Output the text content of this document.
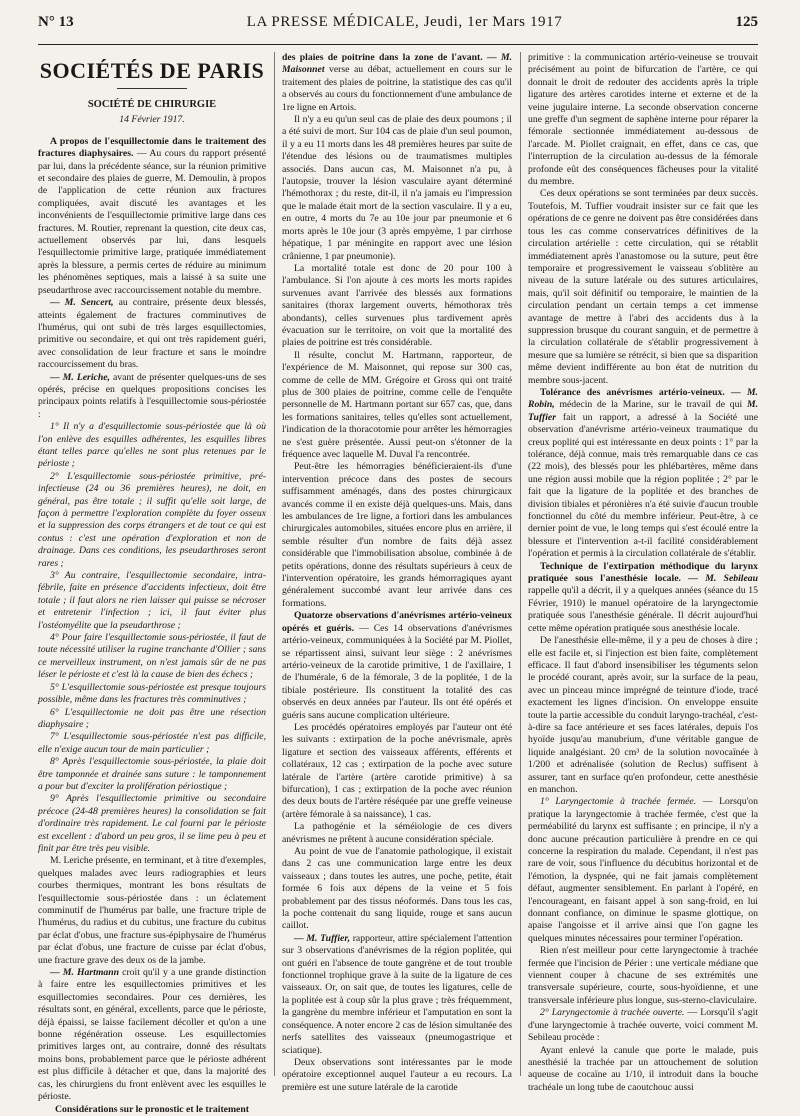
N° 13	LA PRESSE MÉDICALE, Jeudi, 1er Mars 1917	125
SOCIÉTÉS DE PARIS
SOCIÉTÉ DE CHIRURGIE
14 Février 1917.

A propos de l'esquillectomie dans le traitement des fractures diaphysaires. — Au cours du rapport présenté par lui, dans la précédente séance, sur la réunion primitive et secondaire des plaies de guerre, M. Demoulin, à propos de l'application de cette réunion aux fractures compliquées, avait discuté les avantages et les inconvénients de l'esquillectomie primitive large dans ces fractures. M. Routier, reprenant la question, cite deux cas, actuellement observés par lui, dans lesquels l'esquillectomie primitive large, pratiquée immédiatement après la blessure, a permis certes de réduire au minimum les phénomènes septiques, mais a laissé à sa suite une pseudarthrose avec raccourcissement notable du membre.

— M. Sencert, au contraire, présente deux blessés, atteints également de fractures comminutives de l'humérus, qui ont subi de très larges esquillectomies, primitive ou secondaire, et qui ont très rapidement guéri, avec consolidation de leur fracture et sans le moindre raccourcissement du bras.

— M. Leriche, avant de présenter quelques-uns de ses opérés, précise en quelques propositions concises les principaux points relatifs à l'esquillectomie sous-périostée :

1° Il n'y a d'esquillectomie sous-périostée que là où l'on enlève des esquilles adhérentes, les esquilles libres étant telles parce qu'elles ne sont plus retenues par le périoste ;

2° L'esquillectomie sous-périostée primitive, pré-infectieuse (24 ou 36 premières heures), ne doit, en général, pas être totale ; il suffit qu'elle soit large, de façon à permettre l'exploration complète du foyer osseux et la suppression des corps étrangers et de tout ce qui est contus : c'est une opération d'exploration et non de drainage. Dans ces conditions, les pseudarthroses seront rares ;

3° Au contraire, l'esquillectomie secondaire, intra-fébrile, faite en présence d'accidents infectieux, doit être totale ; il faut alors ne rien laisser qui puisse se nécroser et entretenir l'infection ; ici, il faut éviter plus l'ostéomyélite que la pseudarthrose ;

4° Pour faire l'esquillectomie sous-périostée, il faut de toute nécessité utiliser la rugine tranchante d'Ollier ; sans ce merveilleux instrument, on n'est jamais sûr de ne pas léser le périoste et c'est là la cause de bien des échecs ;

5° L'esquillectomie sous-périostée est presque toujours possible, même dans les fractures très comminutives ;

6° L'esquillectomie ne doit pas être une résection diaphysaire ;

7° L'esquillectomie sous-périostée n'est pas difficile, elle n'exige aucun tour de main particulier ;

8° Après l'esquillectomie sous-périostée, la plaie doit être tamponnée et drainée sans suture : le tamponnement a pour but d'exciter la prolifération périostique ;

9° Après l'esquillectomie primitive ou secondaire précoce (24-48 premières heures) la consolidation se fait d'ordinaire très rapidement. Le cal fourni par le périoste est excellent : d'abord un peu gros, il se lime peu à peu et finit par être très peu visible.

M. Leriche présente, en terminant, et à titre d'exemples, quelques malades avec leurs radiographies et leurs courbes thermiques, montrant les bons résultats de l'esquillectomie sous-périostée dans : un éclatement comminutif de l'humérus par balle, une fracture triple de l'humérus, du radius et du cubitus, une fracture du cubitus par éclat d'obus, une fracture sus-épiphysaire de l'humérus par éclat d'obus, une fracture de cuisse par éclat d'obus, une fracture grave des deux os de la jambe.

— M. Hartmann croit qu'il y a une grande distinction à faire entre les esquillectomies primitives et les esquillectomies secondaires. Pour ces dernières, les résultats sont, en général, excellents, parce que le périoste, déjà épaissi, se laisse facilement décoller et qu'on a une bonne régénération osseuse. Les esquillectomies primitives larges ont, au contraire, donné des résultats moins bons, probablement parce que le périoste adhérent est plus difficile à détacher et que, dans la majorité des cas, les chirurgiens du front enlèvent avec les esquilles le périoste.

Considérations sur le pronostic et le traitement

des plaies de poitrine dans la zone de l'avant. — M. Maisonnet verse au débat, actuellement en cours sur le traitement des plaies de poitrine, la statistique des cas qu'il a observés au cours du fonctionnement d'une ambulance de 1re ligne en Artois.

Il n'y a eu qu'un seul cas de plaie des deux poumons ; il a été suivi de mort. Sur 104 cas de plaie d'un seul poumon, il y a eu 11 morts dans les 48 premières heures par suite de l'étendue des lésions ou de traumatismes multiples associés. Dans aucun cas, M. Maisonnet n'a pu, à l'autopsie, trouver la lésion vasculaire ayant déterminé l'hémothorax ; du reste, dit-il, il n'a jamais eu l'impression que le malade était mort de la section vasculaire. Il y a eu, en outre, 4 morts du 7e au 10e jour par pneumonie et 6 morts après le 10e jour (3 après empyème, 1 par cirrhose hépatique, 1 par méningite en rapport avec une lésion crânienne, 1 par pneumonie).

La mortalité totale est donc de 20 pour 100 à l'ambulance. Si l'on ajoute à ces morts les morts rapides survenues avant l'arrivée des blessés aux formations sanitaires (thorax largement ouverts, hémothorax très abondants), celles survenues plus tardivement après évacuation sur le territoire, on voit que la mortalité des plaies de poitrine est très considérable.

Il résulte, conclut M. Hartmann, rapporteur, de l'expérience de M. Maisonnet, qui repose sur 300 cas, comme de celle de MM. Grégoire et Gross qui ont traité plus de 300 plaies de poitrine, comme celle de l'enquête personnelle de M. Hartmann portant sur 657 cas, que, dans les formations sanitaires, telles qu'elles sont actuellement, l'indication de la thoracotomie pour arrêter les hémorragies ne s'est guère présentée. Aussi peut-on s'étonner de la fréquence avec laquelle M. Duval l'a rencontrée.

Peut-être les hémorragies bénéficieraient-ils d'une intervention précoce dans des postes de secours suffisamment aménagés, dans des postes chirurgicaux avancés comme il en existe déjà quelques-uns. Mais, dans les ambulances de 1re ligne, a fortiori dans les ambulances chirurgicales automobiles, situées encore plus en arrière, il semble résulter d'un nombre de faits déjà assez considérable que l'immobilisation absolue, combinée à de petits opérations, donne des résultats supérieurs à ceux de l'intervention opératoire, les grands hémorragiques ayant généralement succombé avant leur arrivée dans ces formations.

Quatorze observations d'anévrismes artério-veineux opérés et guéris. — Ces 14 observations d'anévrismes artério-veineux, communiquées à la Société par M. Piollet, se répartissent ainsi, suivant leur siège : 2 anévrismes artério-veineux de la carotide primitive, 1 de l'axillaire, 1 de l'humérale, 6 de la fémorale, 3 de la poplitée, 1 de la tibiale postérieure. Ils constituent la totalité des cas observés en deux années par l'auteur. Ils ont été opérés et guéris sans aucune complication ultérieure.

Les procédés opératoires employés par l'auteur ont été les suivants : extirpation de la poche anévrismale, après ligature et section des vaisseaux afférents, efférents et collatéraux, 12 cas ; extirpation de la poche avec suture latérale de l'artère (artère carotide primitive) à sa bifurcation), 1 cas ; extirpation de la poche avec réunion des deux bouts de l'artère réséquée par une greffe veineuse (artère fémorale à sa naissance), 1 cas.

La pathogénie et la séméiologie de ces divers anévrismes ne prêtent à aucune considération spéciale.

Au point de vue de l'anatomie pathologique, il existait dans 2 cas une communication large entre les deux vaisseaux ; dans toutes les autres, une poche, petite, était formée 6 fois aux dépens de la veine et 5 fois probablement par des tissus néoformés. Dans tous les cas, la poche contenait du sang liquide, rouge et sans aucun caillot.

— M. Tuffier, rapporteur, attire spécialement l'attention sur 3 observations d'anévrismes de la région poplitée, qui ont guéri en l'absence de toute gangrène et de tout trouble fonctionnel trophique grave à la suite de la ligature de ces vaisseaux. Or, on sait que, de toutes les ligatures, celle de la poplitée est à coup sûr la plus grave ; très fréquemment, la gangrène du membre inférieur et l'amputation en sont la conséquence. A noter encore 2 cas de lésion simultanée des nerfs satellites des vaisseaux (pneumogastrique et sciatique).

Deux observations sont intéressantes par le mode opératoire exceptionnel auquel l'auteur a eu recours. La première est une suture latérale de la carotide

primitive : la communication artério-veineuse se trouvait précisément au point de bifurcation de l'artère, ce qui donnait le droit de redouter des accidents après la triple ligature des artères carotides interne et externe et de la veine jugulaire interne. La seconde observation concerne une greffe d'un segment de saphène interne pour réparer la fémorale sectionnée immédiatement au-dessous de l'arcade. M. Piollet craignait, en effet, dans ce cas, que l'interruption de la circulation au-dessus de la fémorale profonde eût des conséquences fâcheuses pour la vitalité du membre.

Ces deux opérations se sont terminées par deux succès. Toutefois, M. Tuffier voudrait insister sur ce fait que les opérations de ce genre ne doivent pas être considérées dans tous les cas comme conservatrices définitives de la circulation artérielle : cette circulation, qui se rétablit immédiatement après l'anastomose ou la suture, peut être temporaire et progressivement le vaisseau s'oblitère au niveau de la suture latérale ou des sutures articulaires, mais, qu'il soit définitif ou temporaire, le maintien de la circulation pendant un certain temps a cet immense avantage de mettre à l'abri des accidents dus à la suppression brusque du courant sanguin, et de permettre à la circulation collatérale de s'établir progressivement à mesure que sa lumière se rétrécit, si bien que sa disparition même devient indifférente au bon état de nutrition du membre sous-jacent.

Tolérance des anévrismes artério-veineux. — M. Robin, médecin de la Marine, sur le travail de qui M. Tuffier fait un rapport, a adressé à la Société une observation d'anévrisme artério-veineux traumatique du creux poplité qui est intéressante en deux points : 1° par la tolérance, déjà connue, mais très remarquable dans ce cas (22 mois), des blessés pour les phlébartères, même dans une région aussi mobile que la région poplitée ; 2° par le fait que la ligature de la poplitée et des branches de division tibiales et péronières n'a été suivie d'aucun trouble fonctionnel du côté du membre inférieur. Peut-être, à ce dernier point de vue, le long temps qui s'est écoulé entre la blessure et l'intervention a-t-il facilité considérablement l'opération et permis à la circulation collatérale de s'établir.

Technique de l'extirpation méthodique du larynx pratiquée sous l'anesthésie locale. — M. Sebileau rappelle qu'il a décrit, il y a quelques années (séance du 15 Février, 1910) le manuel opératoire de la laryngectomie pratiquée sous l'anesthésie générale. Il décrit aujourd'hui cette même opération pratiquée sous anesthésie locale.

De l'anesthésie elle-même, il y a peu de choses à dire ; elle est facile et, si l'injection est bien faite, complètement efficace. Il faut d'abord insensibiliser les téguments selon le procédé courant, après avoir, sur la surface de la peau, avec un pinceau mince imprégné de teinture d'iode, tracé exactement les lignes d'incision. On enveloppe ensuite toute la partie accessible du conduit laryngo-trachéal, c'est-à-dire sa face antérieure et ses faces latérales, depuis l'os hyoïde jusqu'au manubrium, d'une véritable gangue de liquide analgésiant. 20 cm³ de la solution novocaïnée à 1/200 et adrénalisée (solution de Reclus) suffisent à assurer, tant en surface qu'en profondeur, cette anesthésie en manchon.

1° Laryngectomie à trachée fermée. — Lorsqu'on pratique la laryngectomie à trachée fermée, c'est que la perméabilité du larynx est suffisante ; en principe, il n'y a donc aucune précaution particulière à prendre en ce qui concerne la respiration du malade. Cependant, il n'est pas rare de voir, sous l'influence du décubitus horizontal et de l'émotion, la dyspnée, qui ne fait jamais complètement défaut, augmenter sensiblement. En parlant à l'opéré, en l'encourageant, en faisant appel à son sang-froid, en lui donnant confiance, on diminue le spasme glottique, on apaise l'angoisse et il arrive ainsi que l'on gagne les quelques minutes nécessaires pour terminer l'opération.

Rien n'est meilleur pour cette laryngectomie à trachée fermée que l'incision de Périer : une verticale médiane que viennent couper à chacune de ses extrémités une transversale supérieure, courte, sous-hyoïdienne, et une transversale inférieure plus longue, sus-sterno-claviculaire.

2° Laryngectomie à trachée ouverte. — Lorsqu'il s'agit d'une laryngectomie à trachée ouverte, voici comment M. Sebileau procède :

Ayant enlevé la canule que porte le malade, puis anesthésié la trachée par un attouchement de solution aqueuse de cocaïne au 1/10, il introduit dans la bouche trachéale un long tube de caoutchouc aussi
